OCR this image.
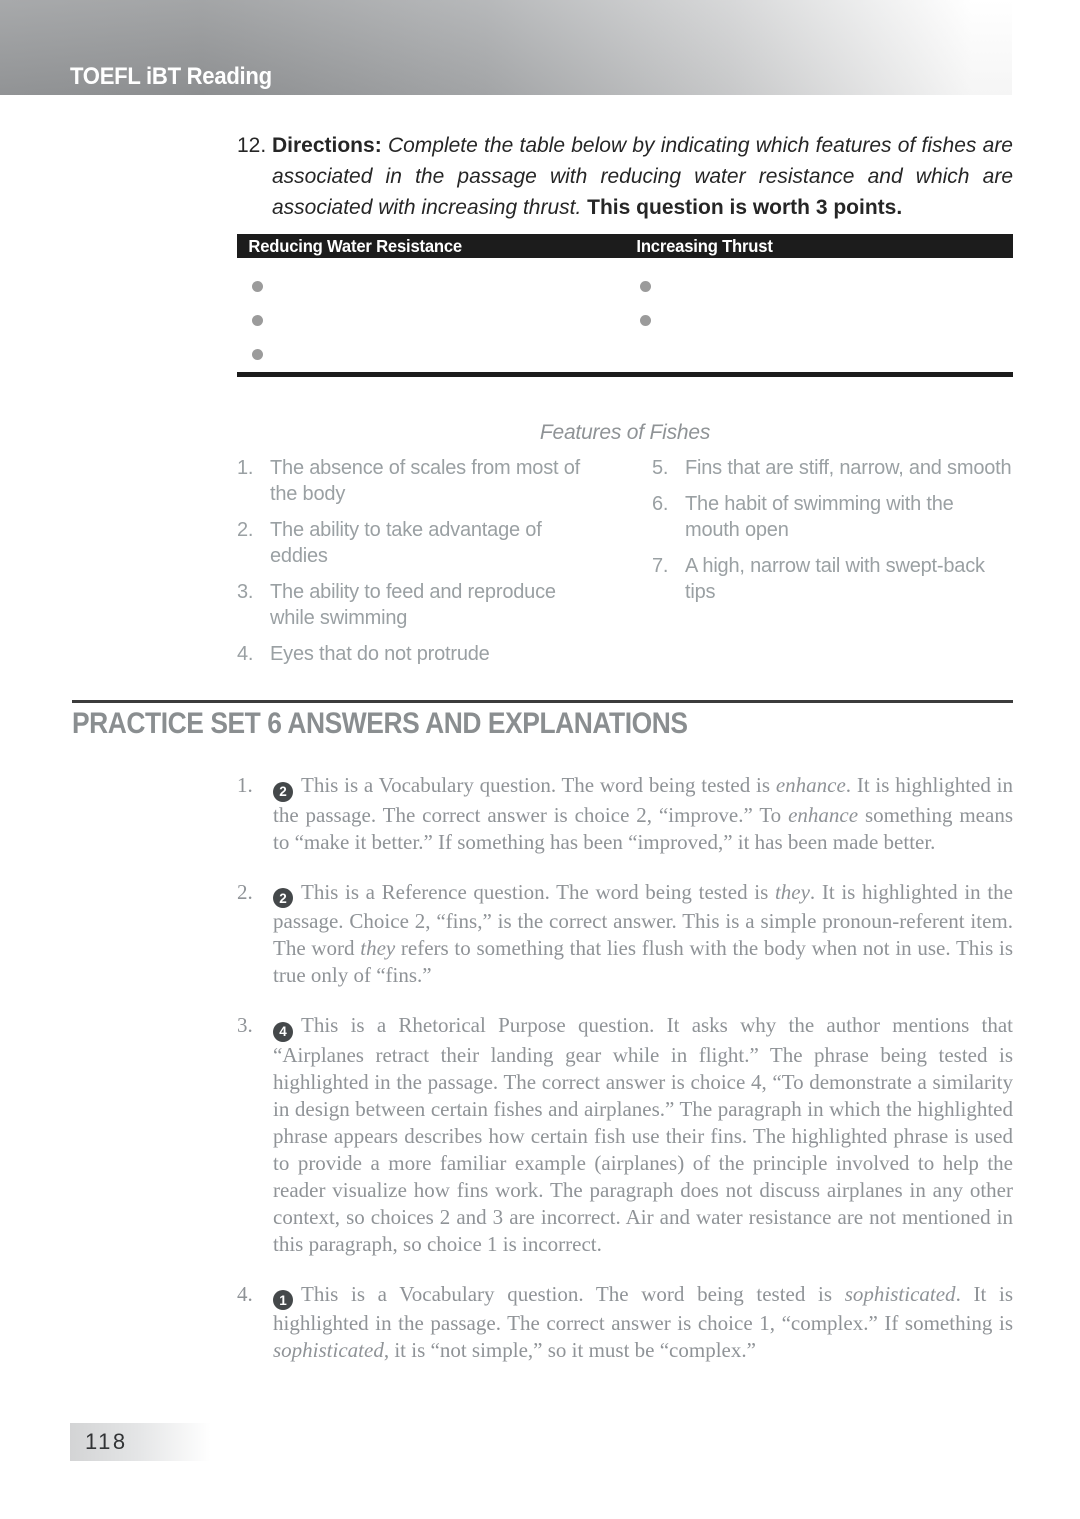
TOEFL iBT Reading
12. Directions: Complete the table below by indicating which features of fishes are associated in the passage with reducing water resistance and which are associated with increasing thrust. This question is worth 3 points.

Reducing Water Resistance	Increasing Thrust
Features of Fishes
1. The absence of scales from most of the body
2. The ability to take advantage of eddies
3. The ability to feed and reproduce while swimming
4. Eyes that do not protrude
5. Fins that are stiff, narrow, and smooth
6. The habit of swimming with the mouth open
7. A high, narrow tail with swept-back tips
PRACTICE SET 6 ANSWERS AND EXPLANATIONS
1.	2 This is a Vocabulary question. The word being tested is enhance. It is highlighted in the passage. The correct answer is choice 2, “improve.” To enhance something means to “make it better.” If something has been “improved,” it has been made better.

2.	2 This is a Reference question. The word being tested is they. It is highlighted in the passage. Choice 2, “fins,” is the correct answer. This is a simple pronoun-referent item. The word they refers to something that lies flush with the body when not in use. This is true only of “fins.”

3.	4 This is a Rhetorical Purpose question. It asks why the author mentions that “Airplanes retract their landing gear while in flight.” The phrase being tested is highlighted in the passage. The correct answer is choice 4, “To demonstrate a similarity in design between certain fishes and airplanes.” The paragraph in which the highlighted phrase appears describes how certain fish use their fins. The highlighted phrase is used to provide a more familiar example (airplanes) of the principle involved to help the reader visualize how fins work. The paragraph does not discuss airplanes in any other context, so choices 2 and 3 are incorrect. Air and water resistance are not mentioned in this paragraph, so choice 1 is incorrect.

4.	1 This is a Vocabulary question. The word being tested is sophisticated. It is highlighted in the passage. The correct answer is choice 1, “complex.” If something is sophisticated, it is “not simple,” so it must be “complex.”

118
